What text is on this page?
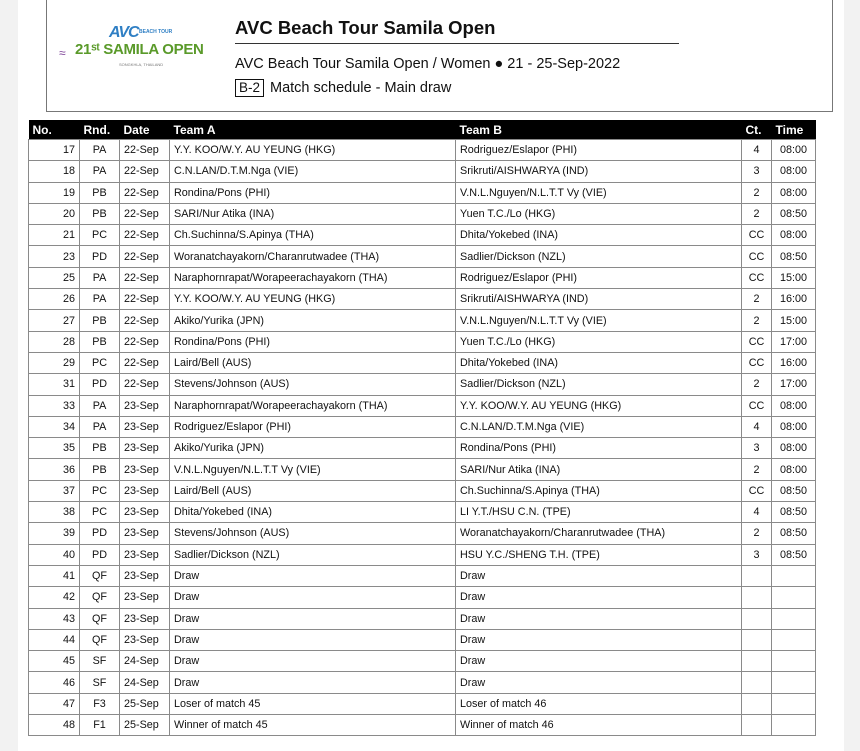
AVC BEACH TOUR
≈ 21ˢᵗ SAMILA OPEN
SONGKHLA, THAILAND
AVC Beach Tour Samila Open
AVC Beach Tour Samila Open / Women ● 21 - 25-Sep-2022
B-2 Match schedule - Main draw
No.	Rnd.	Date	Team A	Team B	Ct.	Time
17	PA	22-Sep	Y.Y. KOO/W.Y. AU YEUNG (HKG)	Rodriguez/Eslapor (PHI)	4	08:00
18	PA	22-Sep	C.N.LAN/D.T.M.Nga (VIE)	Srikruti/AISHWARYA (IND)	3	08:00
19	PB	22-Sep	Rondina/Pons (PHI)	V.N.L.Nguyen/N.L.T.T Vy (VIE)	2	08:00
20	PB	22-Sep	SARI/Nur Atika (INA)	Yuen T.C./Lo (HKG)	2	08:50
21	PC	22-Sep	Ch.Suchinna/S.Apinya (THA)	Dhita/Yokebed (INA)	CC	08:00
23	PD	22-Sep	Woranatchayakorn/Charanrutwadee (THA)	Sadlier/Dickson (NZL)	CC	08:50
25	PA	22-Sep	Naraphornrapat/Worapeerachayakorn (THA)	Rodriguez/Eslapor (PHI)	CC	15:00
26	PA	22-Sep	Y.Y. KOO/W.Y. AU YEUNG (HKG)	Srikruti/AISHWARYA (IND)	2	16:00
27	PB	22-Sep	Akiko/Yurika (JPN)	V.N.L.Nguyen/N.L.T.T Vy (VIE)	2	15:00
28	PB	22-Sep	Rondina/Pons (PHI)	Yuen T.C./Lo (HKG)	CC	17:00
29	PC	22-Sep	Laird/Bell (AUS)	Dhita/Yokebed (INA)	CC	16:00
31	PD	22-Sep	Stevens/Johnson (AUS)	Sadlier/Dickson (NZL)	2	17:00
33	PA	23-Sep	Naraphornrapat/Worapeerachayakorn (THA)	Y.Y. KOO/W.Y. AU YEUNG (HKG)	CC	08:00
34	PA	23-Sep	Rodriguez/Eslapor (PHI)	C.N.LAN/D.T.M.Nga (VIE)	4	08:00
35	PB	23-Sep	Akiko/Yurika (JPN)	Rondina/Pons (PHI)	3	08:00
36	PB	23-Sep	V.N.L.Nguyen/N.L.T.T Vy (VIE)	SARI/Nur Atika (INA)	2	08:00
37	PC	23-Sep	Laird/Bell (AUS)	Ch.Suchinna/S.Apinya (THA)	CC	08:50
38	PC	23-Sep	Dhita/Yokebed (INA)	LI Y.T./HSU C.N. (TPE)	4	08:50
39	PD	23-Sep	Stevens/Johnson (AUS)	Woranatchayakorn/Charanrutwadee (THA)	2	08:50
40	PD	23-Sep	Sadlier/Dickson (NZL)	HSU Y.C./SHENG T.H. (TPE)	3	08:50
41	QF	23-Sep	Draw	Draw		
42	QF	23-Sep	Draw	Draw		
43	QF	23-Sep	Draw	Draw		
44	QF	23-Sep	Draw	Draw		
45	SF	24-Sep	Draw	Draw		
46	SF	24-Sep	Draw	Draw		
47	F3	25-Sep	Loser of match 45	Loser of match 46		
48	F1	25-Sep	Winner of match 45	Winner of match 46		
